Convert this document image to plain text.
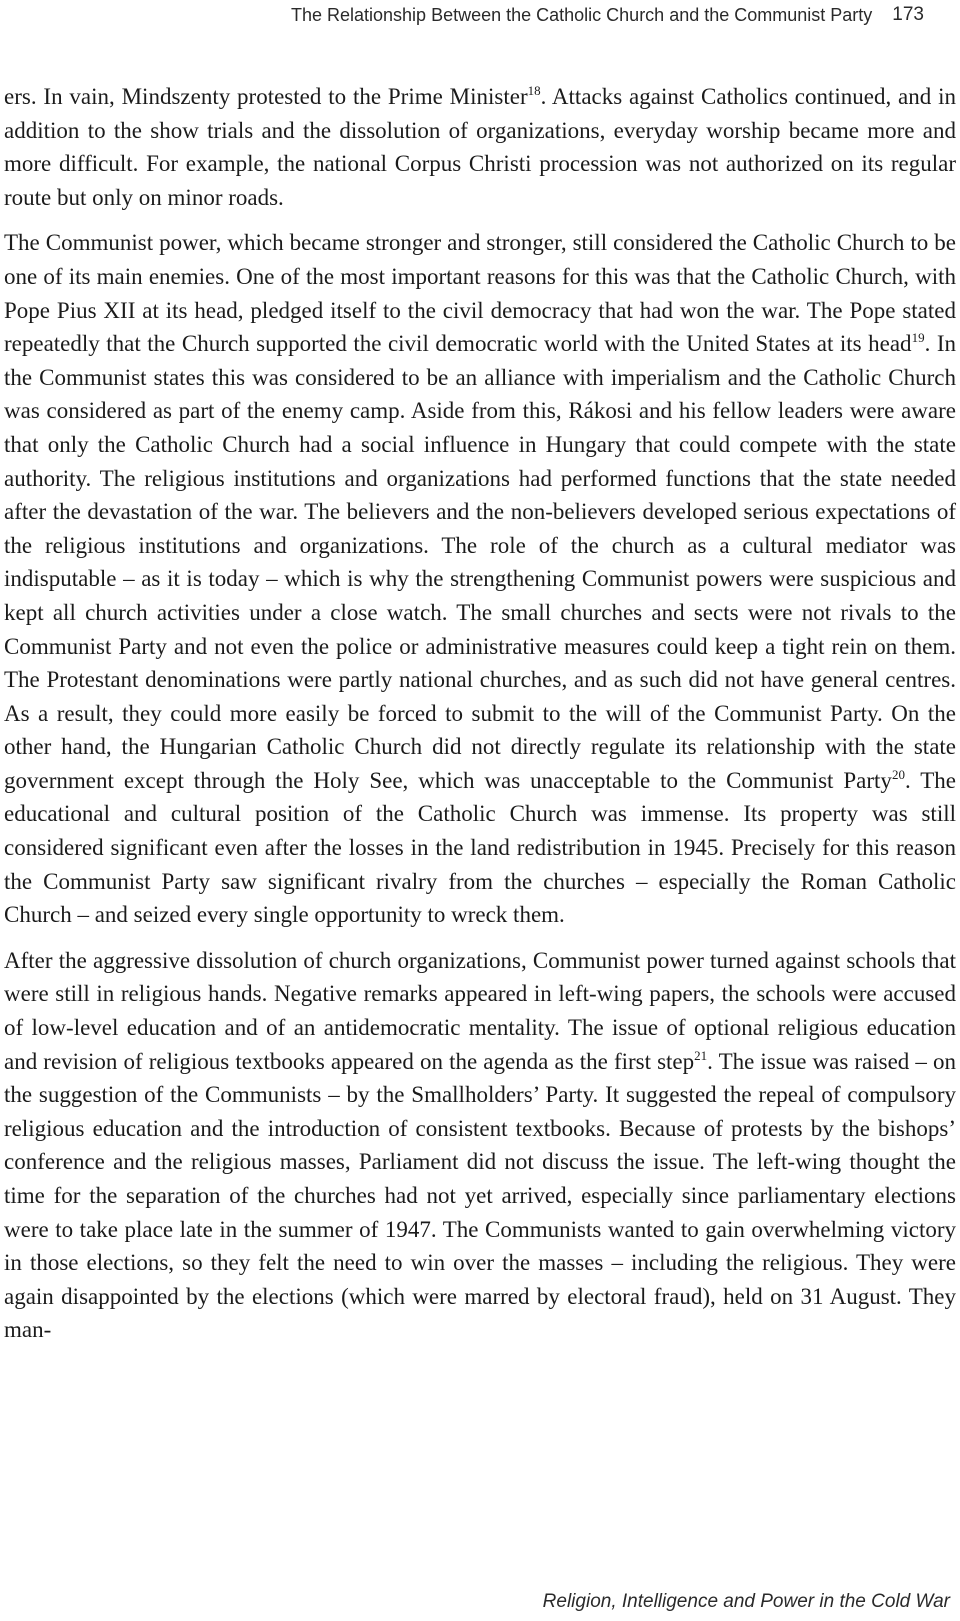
The Relationship Between the Catholic Church and the Communist Party 173

ers. In vain, Mindszenty protested to the Prime Minister$^{18}$. Attacks against Catholics continued, and in addition to the show trials and the dissolution of organizations, everyday worship became more and more difficult. For example, the national Corpus Christi procession was not authorized on its regular route but only on minor roads.

The Communist power, which became stronger and stronger, still considered the Catholic Church to be one of its main enemies. One of the most important reasons for this was that the Catholic Church, with Pope Pius XII at its head, pledged itself to the civil democracy that had won the war. The Pope stated repeatedly that the Church supported the civil democratic world with the United States at its head$^{19}$. In the Communist states this was considered to be an alliance with imperialism and the Catholic Church was considered as part of the enemy camp. Aside from this, Rákosi and his fellow leaders were aware that only the Catholic Church had a social influence in Hungary that could compete with the state authority. The religious institutions and organizations had performed functions that the state needed after the devastation of the war. The believers and the non-believers developed serious expectations of the religious institutions and organizations. The role of the church as a cultural mediator was indisputable – as it is today – which is why the strengthening Communist powers were suspicious and kept all church activities under a close watch. The small churches and sects were not rivals to the Communist Party and not even the police or administrative measures could keep a tight rein on them. The Protestant denominations were partly national churches, and as such did not have general centres. As a result, they could more easily be forced to submit to the will of the Communist Party. On the other hand, the Hungarian Catholic Church did not directly regulate its relationship with the state government except through the Holy See, which was unacceptable to the Communist Party$^{20}$. The educational and cultural position of the Catholic Church was immense. Its property was still considered significant even after the losses in the land redistribution in 1945. Precisely for this reason the Communist Party saw significant rivalry from the churches – especially the Roman Catholic Church – and seized every single opportunity to wreck them.

After the aggressive dissolution of church organizations, Communist power turned against schools that were still in religious hands. Negative remarks appeared in left-wing papers, the schools were accused of low-level education and of an antidemocratic mentality. The issue of optional religious education and revision of religious textbooks appeared on the agenda as the first step$^{21}$. The issue was raised – on the suggestion of the Communists – by the Smallholders’ Party. It suggested the repeal of compulsory religious education and the introduction of consistent textbooks. Because of protests by the bishops’ conference and the religious masses, Parliament did not discuss the issue. The left-wing thought the time for the separation of the churches had not yet arrived, especially since parliamentary elections were to take place late in the summer of 1947. The Communists wanted to gain overwhelming victory in those elections, so they felt the need to win over the masses – including the religious. They were again disappointed by the elections (which were marred by electoral fraud), held on 31 August. They man-

Religion, Intelligence and Power in the Cold War
